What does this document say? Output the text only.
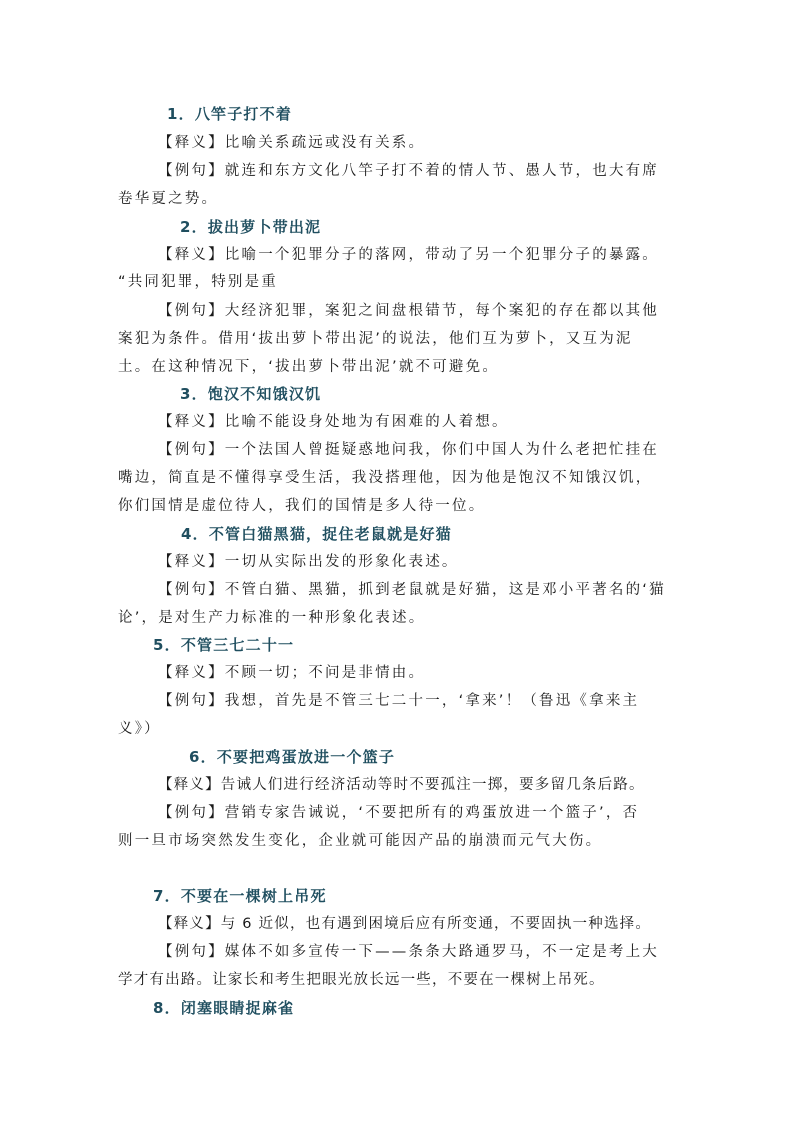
1．八竿子打不着
【释义】比喻关系疏远或没有关系。
【例句】就连和东方文化八竿子打不着的情人节、愚人节，也大有席
卷华夏之势。
2．拔出萝卜带出泥
【释义】比喻一个犯罪分子的落网，带动了另一个犯罪分子的暴露。
“共同犯罪，特别是重
【例句】大经济犯罪，案犯之间盘根错节，每个案犯的存在都以其他
案犯为条件。借用‘拔出萝卜带出泥’的说法，他们互为萝卜，又互为泥
土。在这种情况下，‘拔出萝卜带出泥’就不可避免。
3．饱汉不知饿汉饥
【释义】比喻不能设身处地为有困难的人着想。
【例句】一个法国人曾挺疑惑地问我，你们中国人为什么老把忙挂在
嘴边，简直是不懂得享受生活，我没搭理他，因为他是饱汉不知饿汉饥，
你们国情是虚位待人，我们的国情是多人待一位。
4．不管白猫黑猫，捉住老鼠就是好猫
【释义】一切从实际出发的形象化表述。
【例句】不管白猫、黑猫，抓到老鼠就是好猫，这是邓小平著名的‘猫
论’，是对生产力标准的一种形象化表述。
5．不管三七二十一
【释义】不顾一切；不问是非情由。
【例句】我想，首先是不管三七二十一，‘拿来’！（鲁迅《拿来主
义》）
6．不要把鸡蛋放进一个篮子
【释义】告诫人们进行经济活动等时不要孤注一掷，要多留几条后路。
【例句】营销专家告诫说，‘不要把所有的鸡蛋放进一个篮子’，否
则一旦市场突然发生变化，企业就可能因产品的崩溃而元气大伤。
7．不要在一棵树上吊死
【释义】与 6 近似，也有遇到困境后应有所变通，不要固执一种选择。
【例句】媒体不如多宣传一下——条条大路通罗马，不一定是考上大
学才有出路。让家长和考生把眼光放长远一些，不要在一棵树上吊死。
8．闭塞眼睛捉麻雀
